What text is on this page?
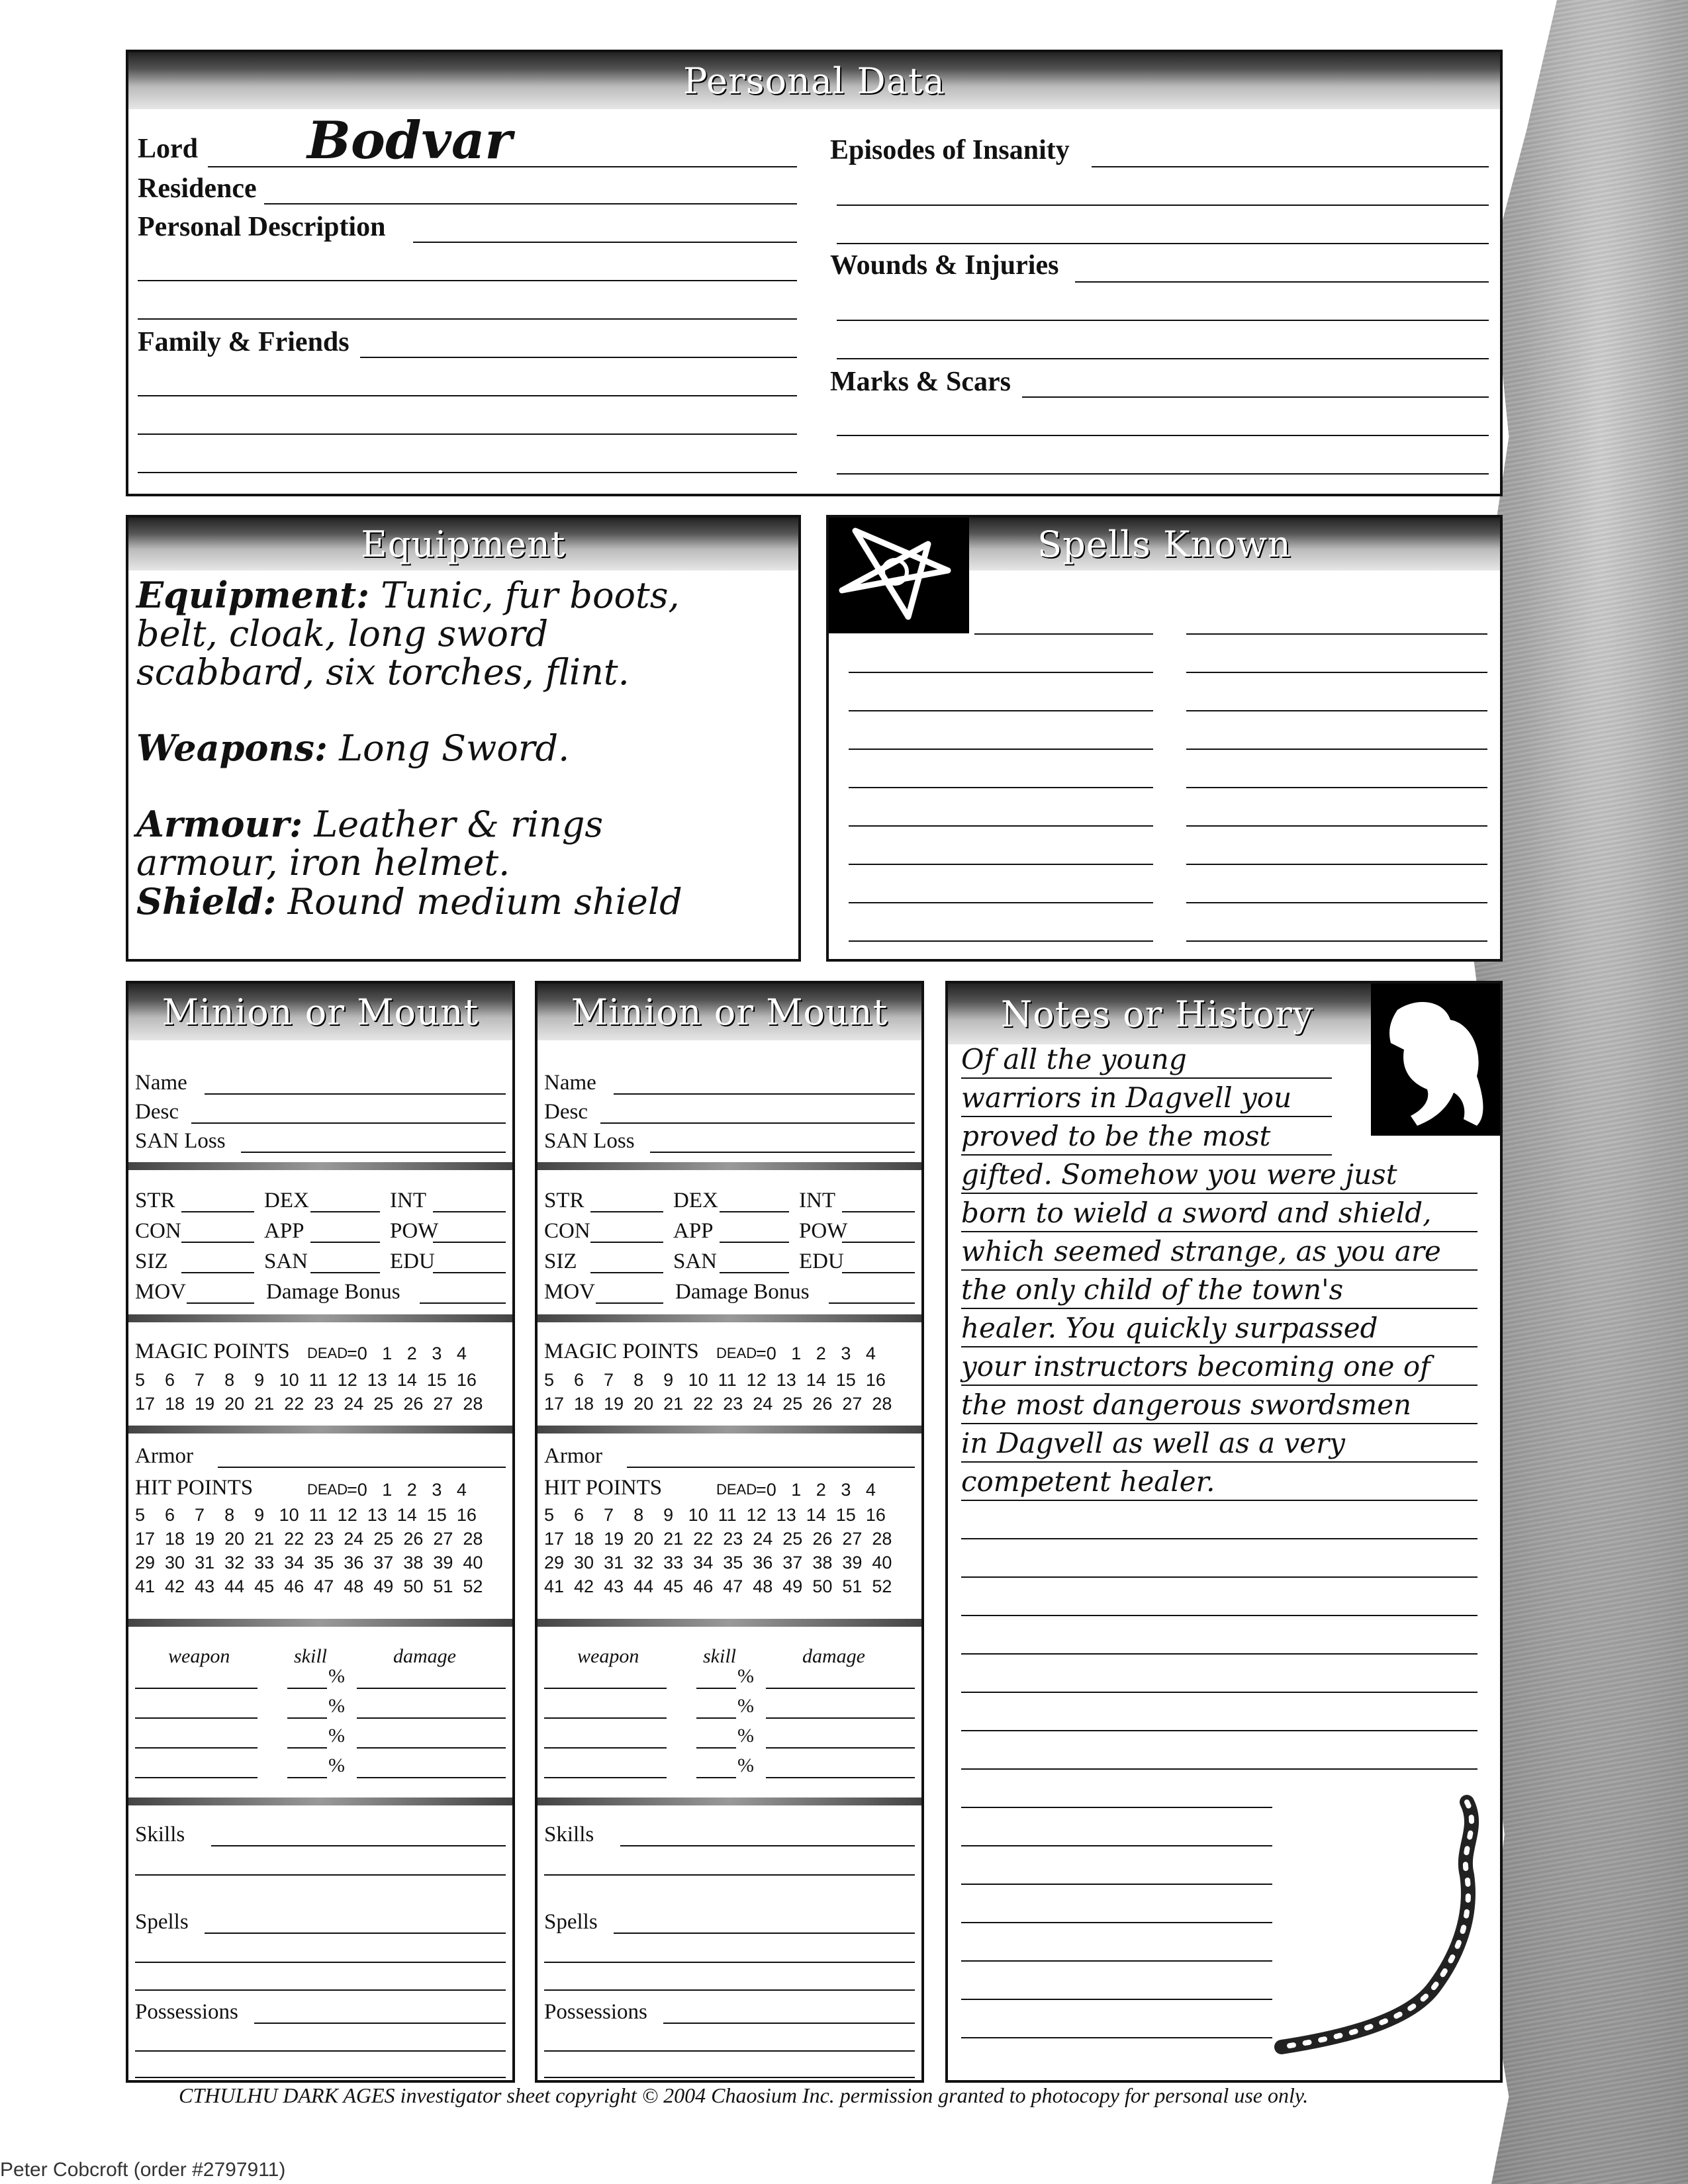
Personal Data
Lord Bodvar
Residence
Personal Description
Family & Friends
Episodes of Insanity
Wounds & Injuries
Marks & Scars
Equipment
Equipment: Tunic, fur boots,
belt, cloak, long sword
scabbard, six torches, flint.
Weapons: Long Sword.
Armour: Leather & rings
armour, iron helmet.
Shield: Round medium shield
Spells Known
Minion or Mount
Name
Desc
SAN Loss
STR	DEX	INT
CON	APP	POW
SIZ	SAN	EDU
MOV	Damage Bonus
MAGIC POINTS DEAD
=0   1   2   3   4
5    6    7    8    9   10  11  12  13  14  15  16
17  18  19  20  21  22  23  24  25  26  27  28
Armor
HIT POINTS	DEAD
=0   1   2   3   4
5    6    7    8    9   10  11  12  13  14  15  16
17  18  19  20  21  22  23  24  25  26  27  28
29  30  31  32  33  34  35  36  37  38  39  40
41  42  43  44  45  46  47  48  49  50  51  52
weapon	skill	damage
%
%
%
%
Skills
Spells
Possessions
Minion or Mount
Name
Desc
SAN Loss
STR	DEX	INT
CON	APP	POW
SIZ	SAN	EDU
MOV	Damage Bonus
MAGIC POINTS DEAD
=0   1   2   3   4
5    6    7    8    9   10  11  12  13  14  15  16
17  18  19  20  21  22  23  24  25  26  27  28
Armor
HIT POINTS	DEAD
=0   1   2   3   4
5    6    7    8    9   10  11  12  13  14  15  16
17  18  19  20  21  22  23  24  25  26  27  28
29  30  31  32  33  34  35  36  37  38  39  40
41  42  43  44  45  46  47  48  49  50  51  52
weapon	skill	damage
%
%
%
%
Skills
Spells
Possessions
Notes or History
Of all the young
warriors in Dagvell you
proved to be the most
gifted. Somehow you were just
born to wield a sword and shield,
which seemed strange, as you are
the only child of the town's
healer. You quickly surpassed
your instructors becoming one of
the most dangerous swordsmen
in Dagvell as well as a very
competent healer.
CTHULHU DARK AGES investigator sheet copyright © 2004 Chaosium Inc. permission granted to photocopy for personal use only.
Peter Cobcroft (order #2797911)
